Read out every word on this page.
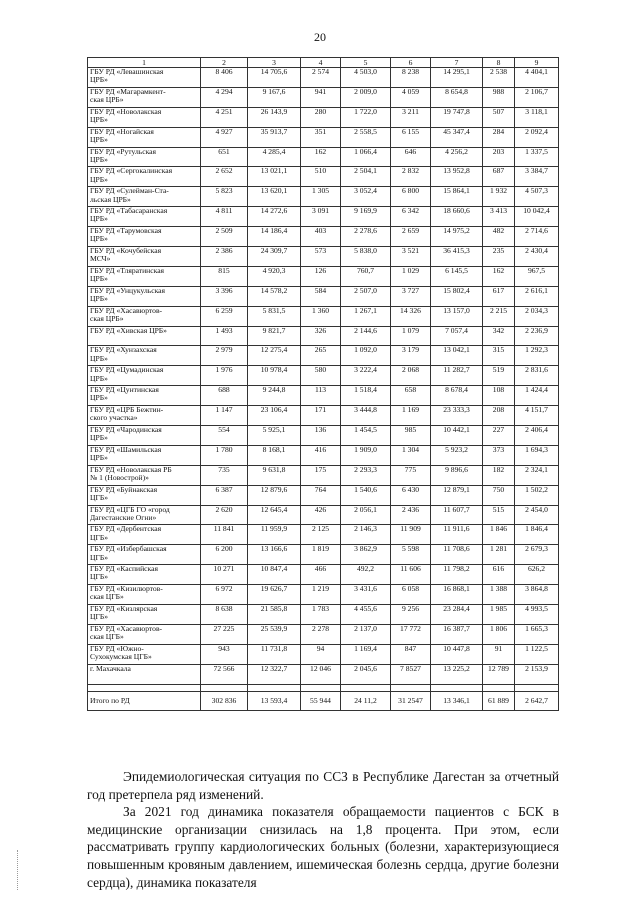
20
1	2	3	4	5	6	7	8	9

ГБУ РД «Левашинская
ЦРБ»	8 406	14 705,6	2 574	4 503,0	8 238	14 295,1	2 538	4 404,1

ГБУ РД «Магарамкент-
ская ЦРБ»	4 294	9 167,6	941	2 009,0	4 059	8 654,8	988	2 106,7

ГБУ РД «Новолакская
ЦРБ»	4 251	26 143,9	280	1 722,0	3 211	19 747,8	507	3 118,1

ГБУ РД «Ногайская
ЦРБ»	4 927	35 913,7	351	2 558,5	6 155	45 347,4	284	2 092,4

ГБУ РД «Рутульская
ЦРБ»	651	4 285,4	162	1 066,4	646	4 256,2	203	1 337,5

ГБУ РД «Сергокалинская
ЦРБ»	2 652	13 021,1	510	2 504,1	2 832	13 952,8	687	3 384,7

ГБУ РД «Сулейман-Ста-
льская ЦРБ»	5 823	13 620,1	1 305	3 052,4	6 800	15 864,1	1 932	4 507,3

ГБУ РД «Табасаранская
ЦРБ»	4 811	14 272,6	3 091	9 169,9	6 342	18 660,6	3 413	10 042,4

ГБУ РД «Тарумовская
ЦРБ»	2 509	14 186,4	403	2 278,6	2 659	14 975,2	482	2 714,6

ГБУ РД «Кочубейская
МСЧ»	2 386	24 309,7	573	5 838,0	3 521	36 415,3	235	2 430,4

ГБУ РД «Тляратинская
ЦРБ»	815	4 920,3	126	760,7	1 029	6 145,5	162	967,5

ГБУ РД «Унцукульская
ЦРБ»	3 396	14 578,2	584	2 507,0	3 727	15 802,4	617	2 616,1

ГБУ РД «Хасавюртов-
ская ЦРБ»	6 259	5 831,5	1 360	1 267,1	14 326	13 157,0	2 215	2 034,3

ГБУ РД «Хивская ЦРБ»	1 493	9 821,7	326	2 144,6	1 079	7 057,4	342	2 236,9

ГБУ РД «Хунзахская
ЦРБ»	2 979	12 275,4	265	1 092,0	3 179	13 042,1	315	1 292,3

ГБУ РД «Цумадинская
ЦРБ»	1 976	10 978,4	580	3 222,4	2 068	11 282,7	519	2 831,6

ГБУ РД «Цунтинская
ЦРБ»	688	9 244,8	113	1 518,4	658	8 678,4	108	1 424,4

ГБУ РД «ЦРБ Бежтин-
ского участка»	1 147	23 106,4	171	3 444,8	1 169	23 333,3	208	4 151,7

ГБУ РД «Чародинская
ЦРБ»	554	5 925,1	136	1 454,5	985	10 442,1	227	2 406,4

ГБУ РД «Шамильская
ЦРБ»	1 780	8 168,1	416	1 909,0	1 304	5 923,2	373	1 694,3

ГБУ РД «Новолакская РБ
№ 1 (Новострой)»	735	9 631,8	175	2 293,3	775	9 896,6	182	2 324,1

ГБУ РД «Буйнакская
ЦГБ»	6 387	12 879,6	764	1 540,6	6 430	12 879,1	750	1 502,2

ГБУ РД «ЦГБ ГО «город
Дагестанские Огни»	2 620	12 645,4	426	2 056,1	2 436	11 607,7	515	2 454,0

ГБУ РД «Дербентская
ЦГБ»	11 841	11 959,9	2 125	2 146,3	11 909	11 911,6	1 846	1 846,4

ГБУ РД «Избербашская
ЦГБ»	6 200	13 166,6	1 819	3 862,9	5 598	11 708,6	1 281	2 679,3

ГБУ РД «Каспийская
ЦГБ»	10 271	10 847,4	466	492,2	11 606	11 798,2	616	626,2

ГБУ РД «Кизилюртов-
ская ЦГБ»	6 972	19 626,7	1 219	3 431,6	6 058	16 868,1	1 388	3 864,8

ГБУ РД «Кизлярская
ЦГБ»	8 638	21 585,8	1 783	4 455,6	9 256	23 284,4	1 985	4 993,5

ГБУ РД «Хасавюртов-
ская ЦГБ»	27 225	25 539,9	2 278	2 137,0	17 772	16 387,7	1 806	1 665,3

ГБУ РД «Южно-
Сухокумская ЦГБ»	943	11 731,8	94	1 169,4	847	10 447,8	91	1 122,5

г. Махачкала	72 566	12 322,7	12 046	2 045,6	7 8527	13 225,2	12 789	2 153,9

Итого по РД	302 836	13 593,4	55 944	24 11,2	31 2547	13 346,1	61 889	2 642,7

Эпидемиологическая ситуация по ССЗ в Республике Дагестан за отчетный год претерпела ряд изменений.

За 2021 год динамика показателя обращаемости пациентов с БСК в медицинские организации снизилась на 1,8 процента. При этом, если рассматривать группу кардиологических больных (болезни, характеризующиеся повышенным кровяным давлением, ишемическая болезнь сердца, другие болезни сердца), динамика показателя
